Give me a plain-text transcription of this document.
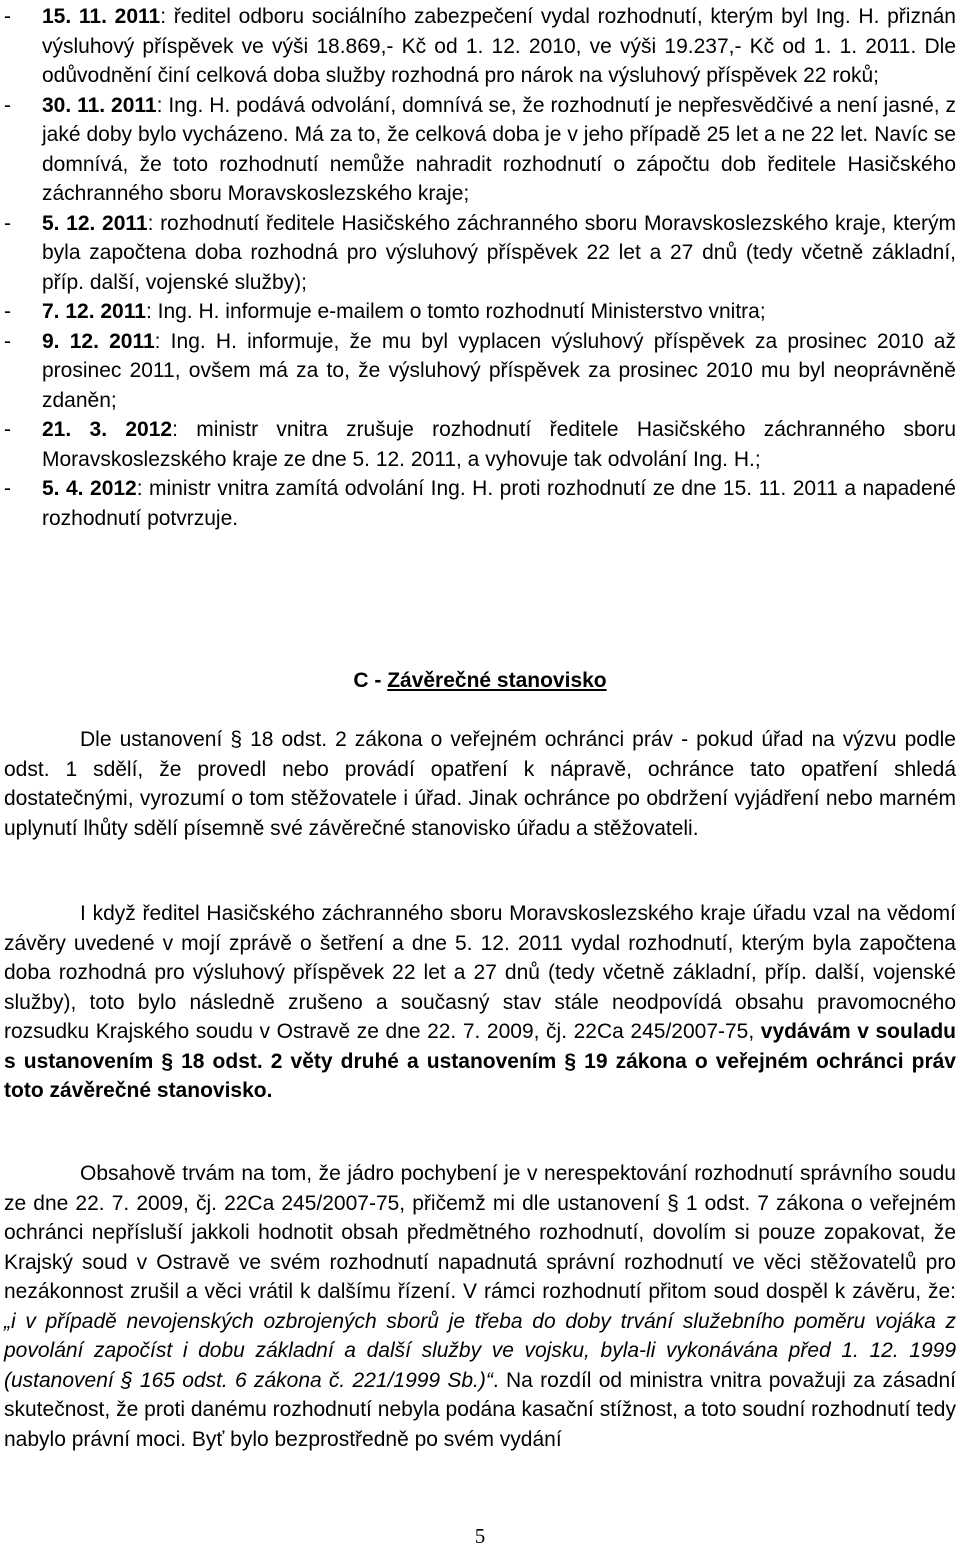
-	15. 11. 2011: ředitel odboru sociálního zabezpečení vydal rozhodnutí, kterým byl Ing. H. přiznán výsluhový příspěvek ve výši 18.869,- Kč od 1. 12. 2010, ve výši 19.237,- Kč od 1. 1. 2011. Dle odůvodnění činí celková doba služby rozhodná pro nárok na výsluhový příspěvek 22 roků;
-	30. 11. 2011: Ing. H. podává odvolání, domnívá se, že rozhodnutí je nepřesvědčivé a není jasné, z jaké doby bylo vycházeno. Má za to, že celková doba je v jeho případě 25 let a ne 22 let. Navíc se domnívá, že toto rozhodnutí nemůže nahradit rozhodnutí o zápočtu dob ředitele Hasičského záchranného sboru Moravskoslezského kraje;
-	5. 12. 2011: rozhodnutí ředitele Hasičského záchranného sboru Moravskoslezského kraje, kterým byla započtena doba rozhodná pro výsluhový příspěvek 22 let a 27 dnů (tedy včetně základní, příp. další, vojenské služby);
-	7. 12. 2011: Ing. H. informuje e-mailem o tomto rozhodnutí Ministerstvo vnitra;
-	9. 12. 2011: Ing. H. informuje, že mu byl vyplacen výsluhový příspěvek za prosinec 2010 až prosinec 2011, ovšem má za to, že výsluhový příspěvek za prosinec 2010 mu byl neoprávněně zdaněn;
-	21. 3. 2012: ministr vnitra zrušuje rozhodnutí ředitele Hasičského záchranného sboru Moravskoslezského kraje ze dne 5. 12. 2011, a vyhovuje tak odvolání Ing. H.;
-	5. 4. 2012: ministr vnitra zamítá odvolání Ing. H. proti rozhodnutí ze dne 15. 11. 2011 a napadené rozhodnutí potvrzuje.
C - Závěrečné stanovisko
Dle ustanovení § 18 odst. 2 zákona o veřejném ochránci práv - pokud úřad na výzvu podle odst. 1 sdělí, že provedl nebo provádí opatření k nápravě, ochránce tato opatření shledá dostatečnými, vyrozumí o tom stěžovatele i úřad. Jinak ochránce po obdržení vyjádření nebo marném uplynutí lhůty sdělí písemně své závěrečné stanovisko úřadu a stěžovateli.
I když ředitel Hasičského záchranného sboru Moravskoslezského kraje úřadu vzal na vědomí závěry uvedené v mojí zprávě o šetření a dne 5. 12. 2011 vydal rozhodnutí, kterým byla započtena doba rozhodná pro výsluhový příspěvek 22 let a 27 dnů (tedy včetně základní, příp. další, vojenské služby), toto bylo následně zrušeno a současný stav stále neodpovídá obsahu pravomocného rozsudku Krajského soudu v Ostravě ze dne 22. 7. 2009, čj. 22Ca 245/2007-75, vydávám v souladu s ustanovením § 18 odst. 2 věty druhé a ustanovením § 19 zákona o veřejném ochránci práv toto závěrečné stanovisko.
Obsahově trvám na tom, že jádro pochybení je v nerespektování rozhodnutí správního soudu ze dne 22. 7. 2009, čj. 22Ca 245/2007-75, přičemž mi dle ustanovení § 1 odst. 7 zákona o veřejném ochránci nepřísluší jakkoli hodnotit obsah předmětného rozhodnutí, dovolím si pouze zopakovat, že Krajský soud v Ostravě ve svém rozhodnutí napadnutá správní rozhodnutí ve věci stěžovatelů pro nezákonnost zrušil a věci vrátil k dalšímu řízení. V rámci rozhodnutí přitom soud dospěl k závěru, že: „i v případě nevojenských ozbrojených sborů je třeba do doby trvání služebního poměru vojáka z povolání započíst i dobu základní a další služby ve vojsku, byla-li vykonávána před 1. 12. 1999 (ustanovení § 165 odst. 6 zákona č. 221/1999 Sb.)“. Na rozdíl od ministra vnitra považuji za zásadní skutečnost, že proti danému rozhodnutí nebyla podána kasační stížnost, a toto soudní rozhodnutí tedy nabylo právní moci. Byť bylo bezprostředně po svém vydání
5
